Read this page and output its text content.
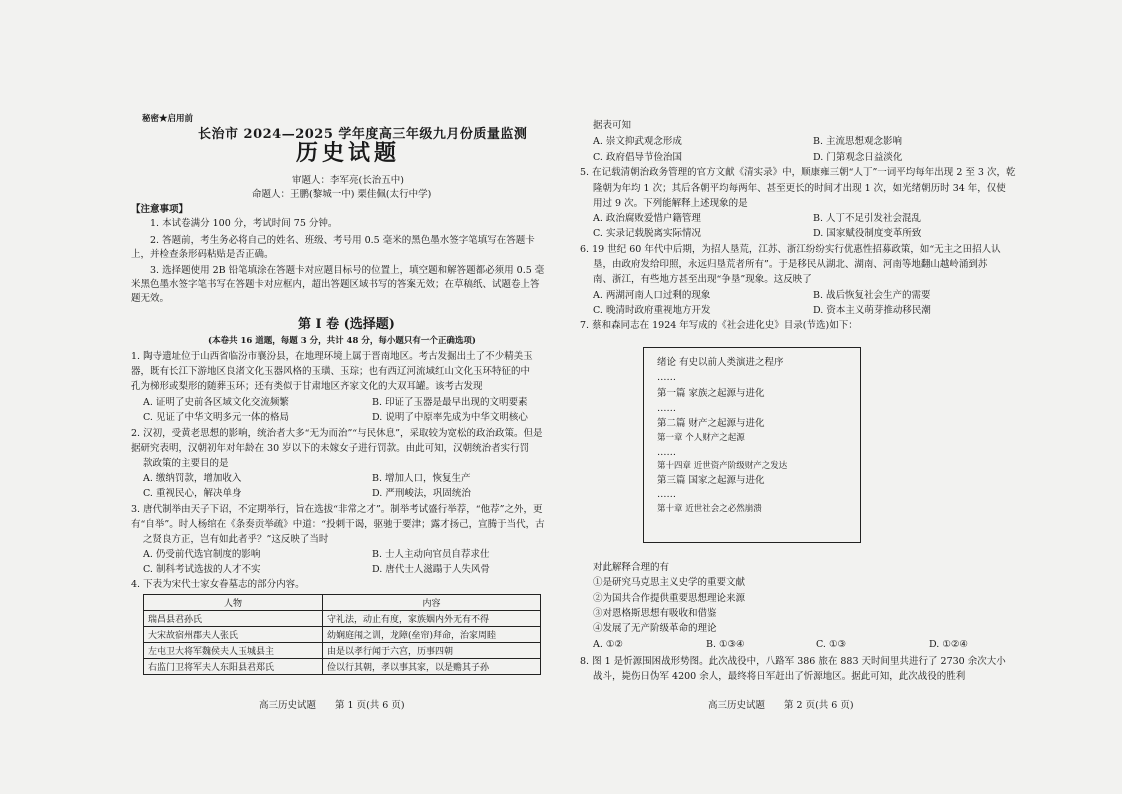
秘密★启用前
长治市 2024—2025 学年度高三年级九月份质量监测
历史试题
审题人：李军亮(长治五中)
命题人：王鹏(黎城一中) 栗佳佩(太行中学)
【注意事项】
1. 本试卷满分 100 分，考试时间 75 分钟。
2. 答题前，考生务必将自己的姓名、班级、考号用 0.5 毫米的黑色墨水签字笔填写在答题卡
上，并检查条形码粘贴是否正确。
3. 选择题使用 2B 铅笔填涂在答题卡对应题目标号的位置上，填空题和解答题都必须用 0.5 毫
米黑色墨水签字笔书写在答题卡对应框内，超出答题区域书写的答案无效；在草稿纸、试题卷上答
题无效。
第 Ⅰ 卷 (选择题)
(本卷共 16 道题，每题 3 分，共计 48 分，每小题只有一个正确选项)
1. 陶寺遗址位于山西省临汾市襄汾县，在地理环境上属于晋南地区。考古发掘出土了不少精美玉
器，既有长江下游地区良渚文化玉器风格的玉璜、玉琮；也有西辽河流域红山文化玉环特征的中
孔为梯形或梨形的随葬玉环；还有类似于甘肃地区齐家文化的大双耳罐。该考古发现
A. 证明了史前各区域文化交流频繁	B. 印证了玉器是最早出现的文明要素
C. 见证了中华文明多元一体的格局	D. 说明了中原率先成为中华文明核心
2. 汉初，受黄老思想的影响，统治者大多“无为而治”“与民休息”，采取较为宽松的政治政策。但是
据研究表明，汉朝初年对年龄在 30 岁以下的未嫁女子进行罚款。由此可知，汉朝统治者实行罚
款政策的主要目的是
A. 缴纳罚款，增加收入	B. 增加人口，恢复生产
C. 重视民心，解决单身	D. 严刑峻法，巩固统治
3. 唐代制举由天子下诏，不定期举行，旨在选拔“非常之才”。制举考试盛行举荐，“他荐”之外，更
有“自举”。时人杨绾在《条奏贡举疏》中道：“投刺干谒，驱驰于要津；露才扬己，宣腾于当代，古
之贤良方正，岂有如此者乎？”这反映了当时
A. 仍受前代选官制度的影响	B. 士人主动向官员自荐求仕
C. 制科考试选拔的人才不实	D. 唐代士人滋蹋于人失风骨
4. 下表为宋代士家女眷墓志的部分内容。
人物	内容
瑞昌县君孙氏	守礼法，动止有度，家族姻内外无有不得
大宋故宿州郡夫人张氏	幼娴庭闱之训，龙障(垒帘)拜命，治家周睦
左屯卫大将军魏侯夫人玉城县主	由是以孝行闻于六宫，历事四朝
右监门卫将军夫人东阳县君郑氏	俭以行其朝，孝以事其家，以是赡其子孙
高三历史试题　　第 1 页(共 6 页)
据表可知
A. 崇文抑武观念形成	B. 主流思想观念影响
C. 政府倡导节俭治国	D. 门第观念日益淡化
5. 在记载清朝治政务管理的官方文献《清实录》中，顺康雍三朝“人丁”一词平均每年出现 2 至 3 次，乾
隆朝为年均 1 次；其后各朝平均每两年、甚至更长的时间才出现 1 次，如光绪朝历时 34 年，仅使
用过 9 次。下列能解释上述现象的是
A. 政治腐败爱惜户籍管理	B. 人丁不足引发社会混乱
C. 实录记载脱离实际情况	D. 国家赋役制度变革所致
6. 19 世纪 60 年代中后期，为招人垦荒，江苏、浙江纷纷实行优惠性招募政策，如“无主之田招人认
垦，由政府发给印照，永远归垦荒者所有”。于是移民从湖北、湖南、河南等地翻山越岭涌到苏
南、浙江，有些地方甚至出现“争垦”现象。这反映了
A. 两湖河南人口过剩的现象	B. 战后恢复社会生产的需要
C. 晚清时政府重视地方开发	D. 资本主义萌芽推动移民潮
7. 蔡和森同志在 1924 年写成的《社会进化史》目录(节选)如下：
绪论 有史以前人类演进之程序
……
第一篇 家族之起源与进化
……
第二篇 财产之起源与进化
第一章 个人财产之起源
……
第十四章 近世资产阶级财产之发达
第三篇 国家之起源与进化
……
第十章 近世社会之必然崩溃
对此解释合理的有
①是研究马克思主义史学的重要文献
②为国共合作提供重要思想理论来源
③对恩格斯思想有吸收和借鉴
④发展了无产阶级革命的理论
A. ①②	B. ①③④	C. ①③	D. ①②④
8. 图 1 是忻源围困战形势图。此次战役中，八路军 386 旅在 883 天时间里共进行了 2730 余次大小
战斗，毙伤日伪军 4200 余人，最终将日军赶出了忻源地区。据此可知，此次战役的胜利
高三历史试题　　第 2 页(共 6 页)
